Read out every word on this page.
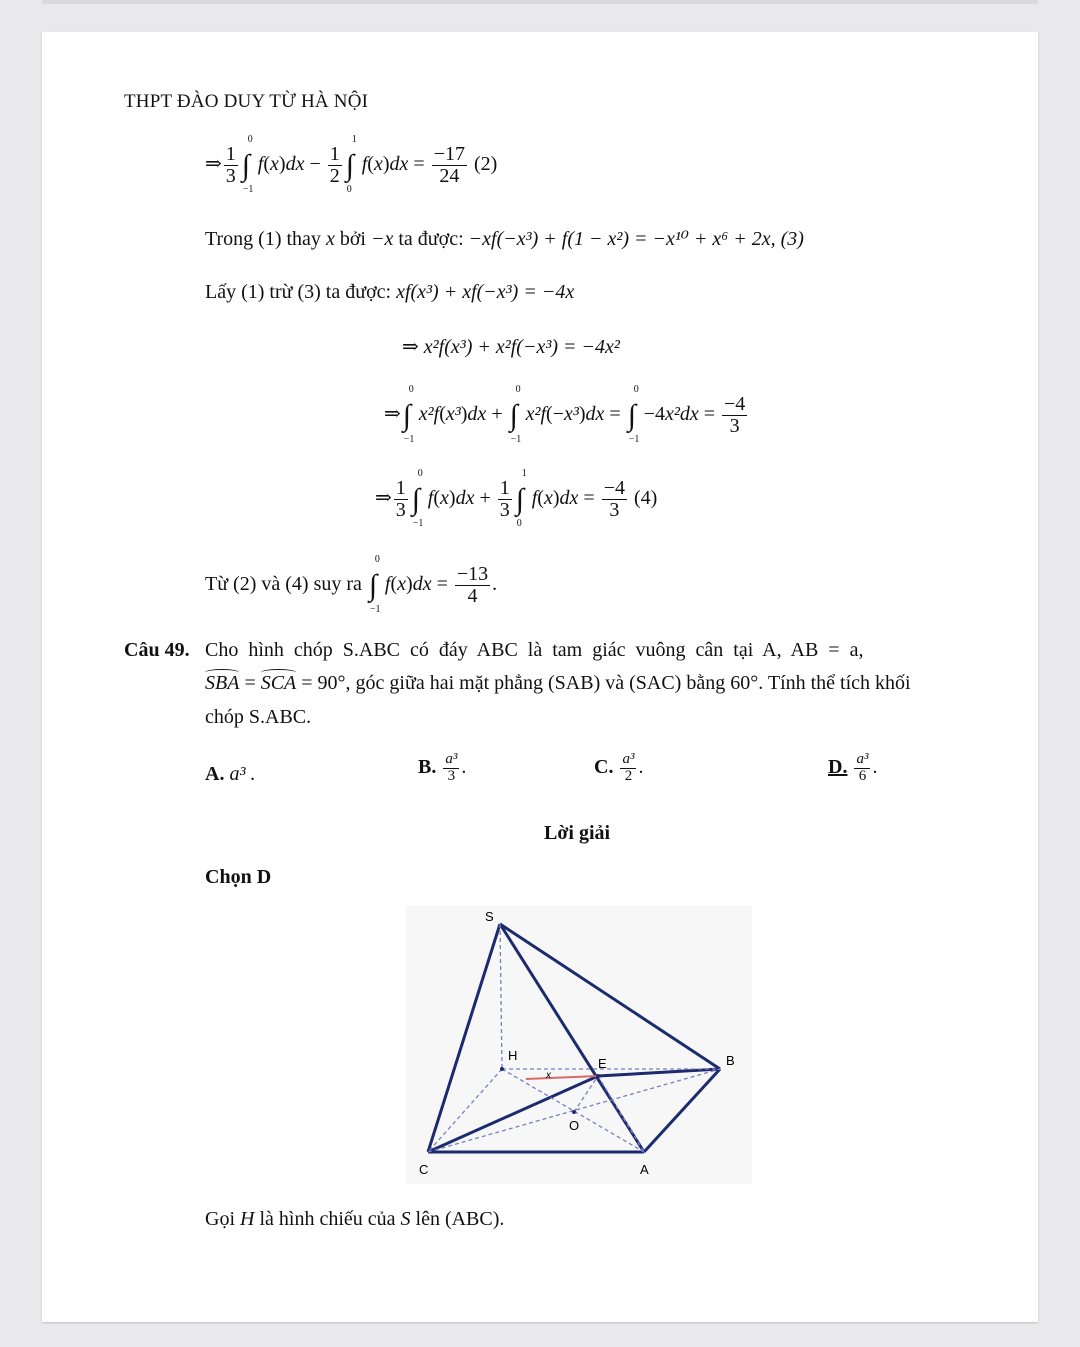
THPT ĐÀO DUY TỪ HÀ NỘI
⇒ $\frac{1}{3}$ ∫
0
−1
$f(x)dx - \frac{1}{2}$ ∫
1
0
$f(x)dx = \frac{-17}{24} (2)$
Trong (1) thay x bởi −x ta được: −xf(−x³) + f(1 − x²) = −x¹⁰ + x⁶ + 2x, (3)
Lấy (1) trừ (3) ta được: xf(x³) + xf(−x³) = −4x
⇒ x²f(x³) + x²f(−x³) = −4x²
⇒ ∫
0
−1
x²f(x³)dx + ∫
0
−1
x²f(−x³)dx = ∫
0
−1
$-4x^2dx = \frac{-4}{3}$
⇒ $\frac{1}{3}$ ∫
0
−1
$f(x)dx + \frac{1}{3}$ ∫
1
0
$f(x)dx = \frac{-4}{3} (4)$
Từ (2) và (4) suy ra ∫
0
−1
$f(x)dx = \frac{-13}{4}$ .
Câu 49. Cho hình chóp S.ABC có đáy ABC là tam giác vuông cân tại A, AB = a,
SBA = SCA = 90°, góc giữa hai mặt phẳng (SAB) và (SAC) bằng 60°. Tính thể tích khối
chóp S.ABC.
A. a³ .	B. $\frac{\text{a³}}{3}$ .	C. $\frac{\text{a³}}{2}$ .	D. $\frac{\text{a³}}{6}$ .
Lời giải
Chọn D
S
H
E	B
x
O
C	A
Gọi H là hình chiếu của S lên (ABC).
